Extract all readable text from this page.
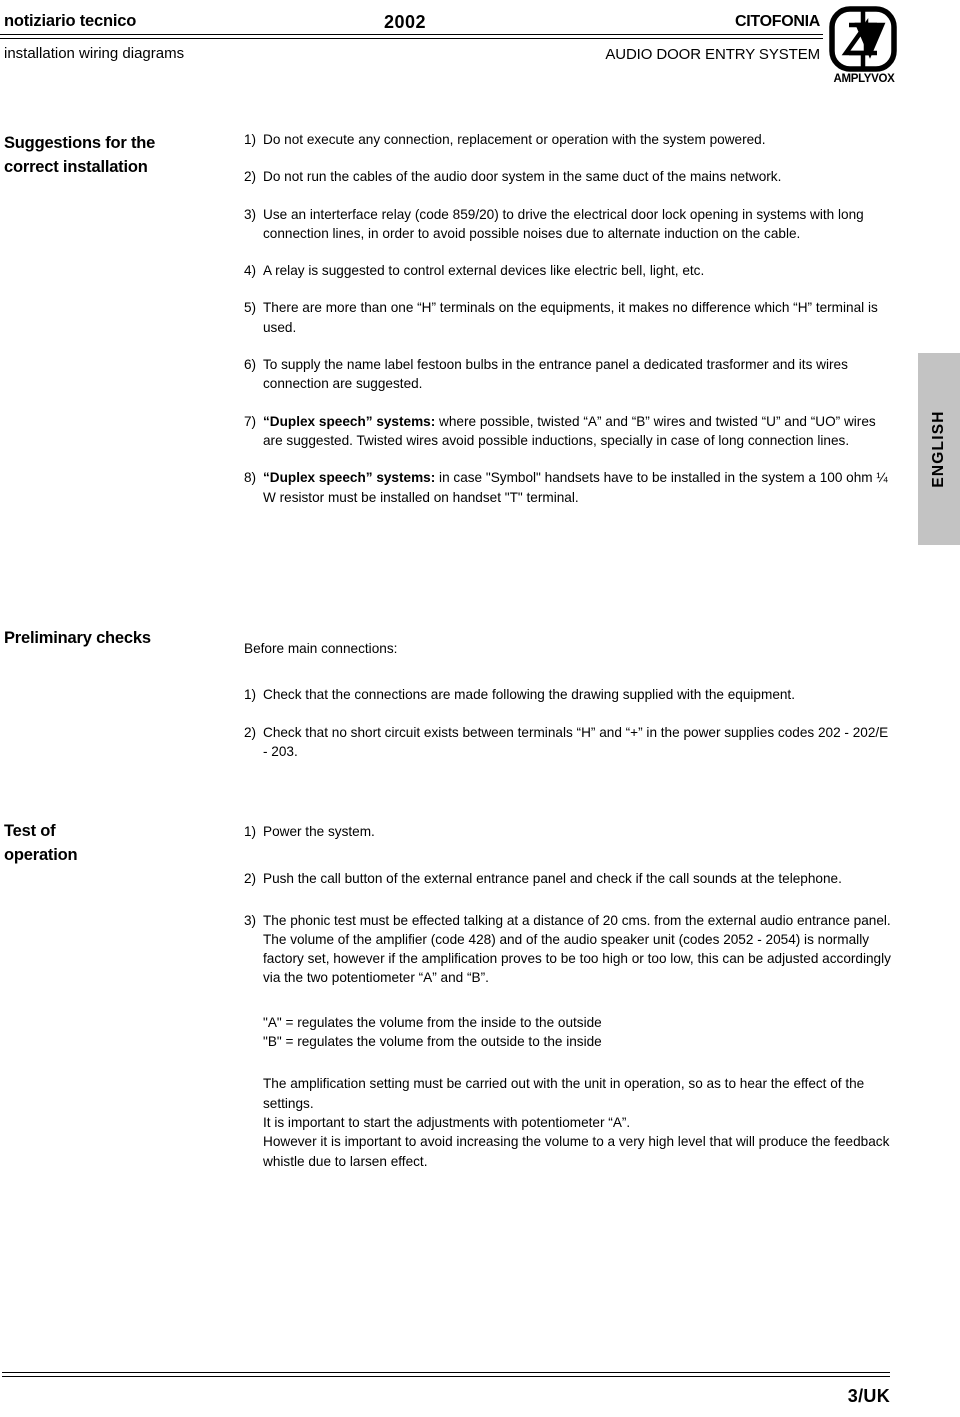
notiziario tecnico	2002	CITOFONIA
installation wiring diagrams	AUDIO DOOR ENTRY SYSTEM
AMPLYVOX
ENGLISH
Suggestions for the
correct installation
1) Do not execute any connection, replacement or operation with the system powered.
2) Do not run the cables of the audio door system in the same duct of the mains network.
3) Use an interterface relay (code 859/20) to drive the electrical door lock opening in systems with long connection lines, in order to avoid possible noises due to alternate induction on the cable.
4) A relay is suggested to control external devices like electric bell, light, etc.
5) There are more than one “H” terminals on the equipments, it makes no difference which “H” terminal is used.
6) To supply the name label festoon bulbs in the entrance panel a dedicated trasformer and its wires connection are suggested.
7) “Duplex speech” systems: where possible, twisted “A” and “B” wires and twisted “U” and “UO” wires are suggested. Twisted wires avoid possible inductions, specially in case of long connection lines.
8) “Duplex speech” systems: in case "Symbol" handsets have to be installed in the system a 100 ohm ¼ W resistor must be installed on handset "T" terminal.
Preliminary checks
Before main connections:
1) Check that the connections are made following the drawing supplied with the equipment.
2) Check that no short circuit exists between terminals “H” and “+” in the power supplies codes 202 - 202/E - 203.
Test of
operation
1) Power the system.
2) Push the call button of the external entrance panel and check if the call sounds at the telephone.
3) The phonic test must be effected talking at a distance of 20 cms. from the external audio entrance panel. The volume of the amplifier (code 428) and of the audio speaker unit (codes 2052 - 2054) is normally factory set, however if the amplification proves to be too high or too low, this can be adjusted accordingly via the two potentiometer “A” and “B”.
"A" = regulates the volume from the inside to the outside
"B" = regulates the volume from the outside to the inside
The amplification setting must be carried out with the unit in operation, so as to hear the effect of the settings.
It is important to start the adjustments with potentiometer “A”.
However it is important to avoid increasing the volume to a very high level that will produce the feedback whistle due to larsen effect.
3/UK
